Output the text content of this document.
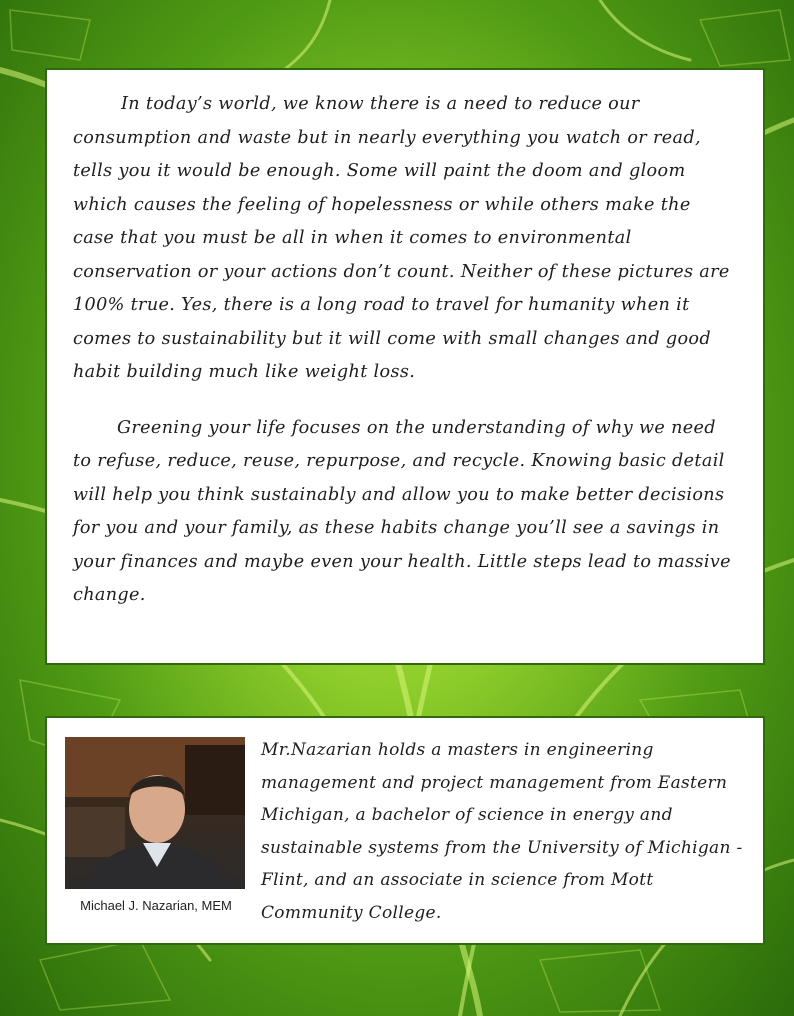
In today’s world, we know there is a need to reduce our consumption and waste but in nearly everything you watch or read, tells you it would be enough. Some will paint the doom and gloom which causes the feeling of hopelessness or while others make the case that you must be all in when it comes to environmental conservation or your actions don’t count. Neither of these pictures are 100% true. Yes, there is a long road to travel for humanity when it comes to sustainability but it will come with small changes and good habit building much like weight loss.

Greening your life focuses on the understanding of why we need to refuse, reduce, reuse, repurpose, and recycle. Knowing basic detail will help you think sustainably and allow you to make better decisions for you and your family, as these habits change you’ll see a savings in your finances and maybe even your health. Little steps lead to massive change.

Michael J. Nazarian, MEM

Mr.Nazarian holds a masters in engineering management and project management from Eastern Michigan, a bachelor of science in energy and sustainable systems from the University of Michigan - Flint, and an associate in science from Mott Community College.
